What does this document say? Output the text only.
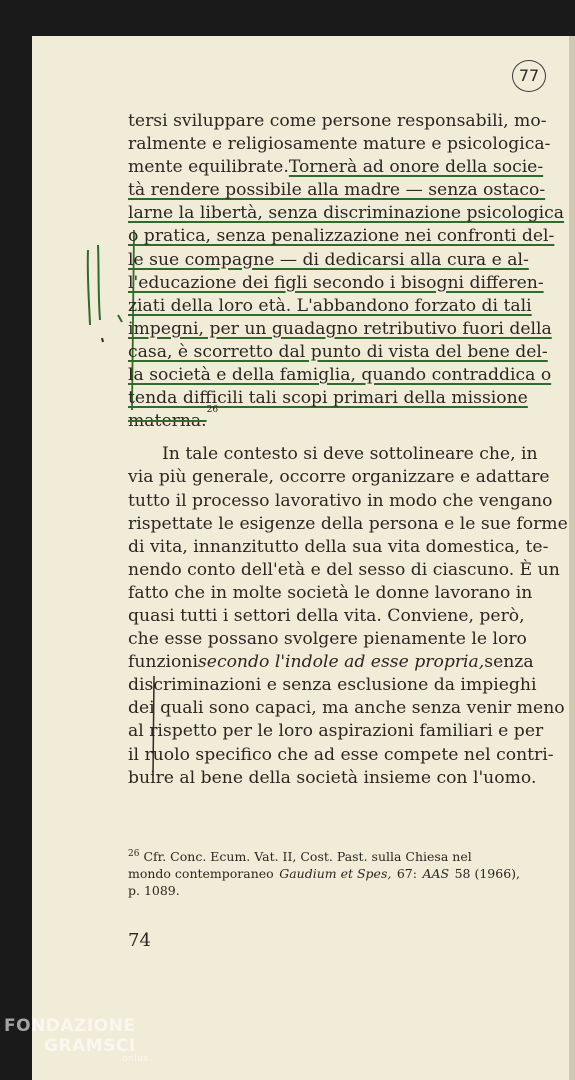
77
tersi sviluppare come persone responsabili, mo-
ralmente e religiosamente mature e psicologica-
mente equilibrate. Tornerà ad onore della socie-
tà rendere possibile alla madre — senza ostaco-
larne la libertà, senza discriminazione psicologica
o pratica, senza penalizzazione nei confronti del-
le sue compagne — di dedicarsi alla cura e al-
l'educazione dei figli secondo i bisogni differen-
ziati della loro età. L'abbandono forzato di tali
impegni, per un guadagno retributivo fuori della
casa, è scorretto dal punto di vista del bene del-
la società e della famiglia, quando contraddica o
tenda difficili tali scopi primari della missione
materna.
26
In tale contesto si deve sottolineare che, in
via più generale, occorre organizzare e adattare
tutto il processo lavorativo in modo che vengano
rispettate le esigenze della persona e le sue forme
di vita, innanzitutto della sua vita domestica, te-
nendo conto dell'età e del sesso di ciascuno. È un
fatto che in molte società le donne lavorano in
quasi tutti i settori della vita. Conviene, però,
che esse possano svolgere pienamente le loro
funzioni secondo l'indole ad esse propria, senza
discriminazioni e senza esclusione da impieghi
dei quali sono capaci, ma anche senza venir meno
al rispetto per le loro aspirazioni familiari e per
il ruolo specifico che ad esse compete nel contri-
buire al bene della società insieme con l'uomo.
$^{26}$ Cfr. Conc. Ecum. Vat. II, Cost. Past. sulla Chiesa nel
mondo contemporaneo Gaudium et Spes, 67: AAS 58 (1966),
p. 1089.
74
FONDAZIONE
GRAMSCI
onlus
